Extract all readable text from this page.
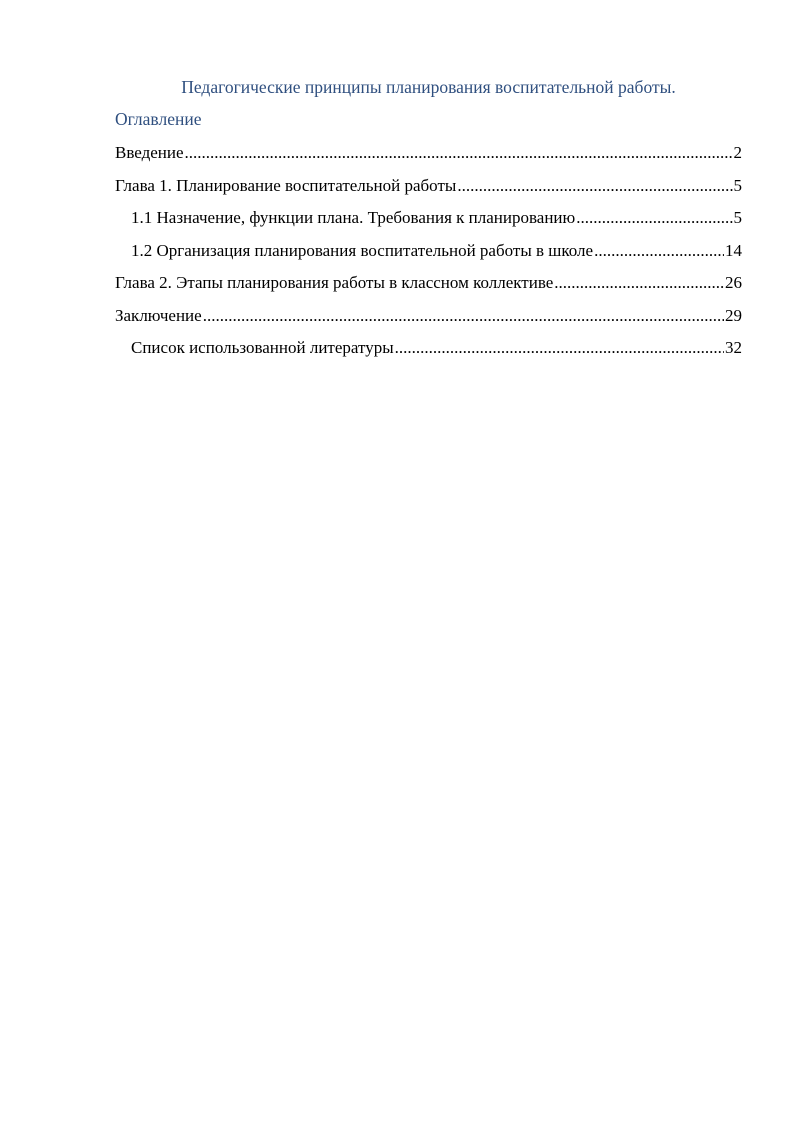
Педагогические принципы планирования воспитательной работы.
Оглавление
Введение .....	2
Глава 1. Планирование воспитательной работы .....	5
1.1 Назначение, функции плана. Требования к планированию .....	5
1.2 Организация планирования воспитательной работы в школе .....	14
Глава 2. Этапы планирования работы в классном коллективе .....	26
Заключение .....	29
Список использованной литературы .....	32
